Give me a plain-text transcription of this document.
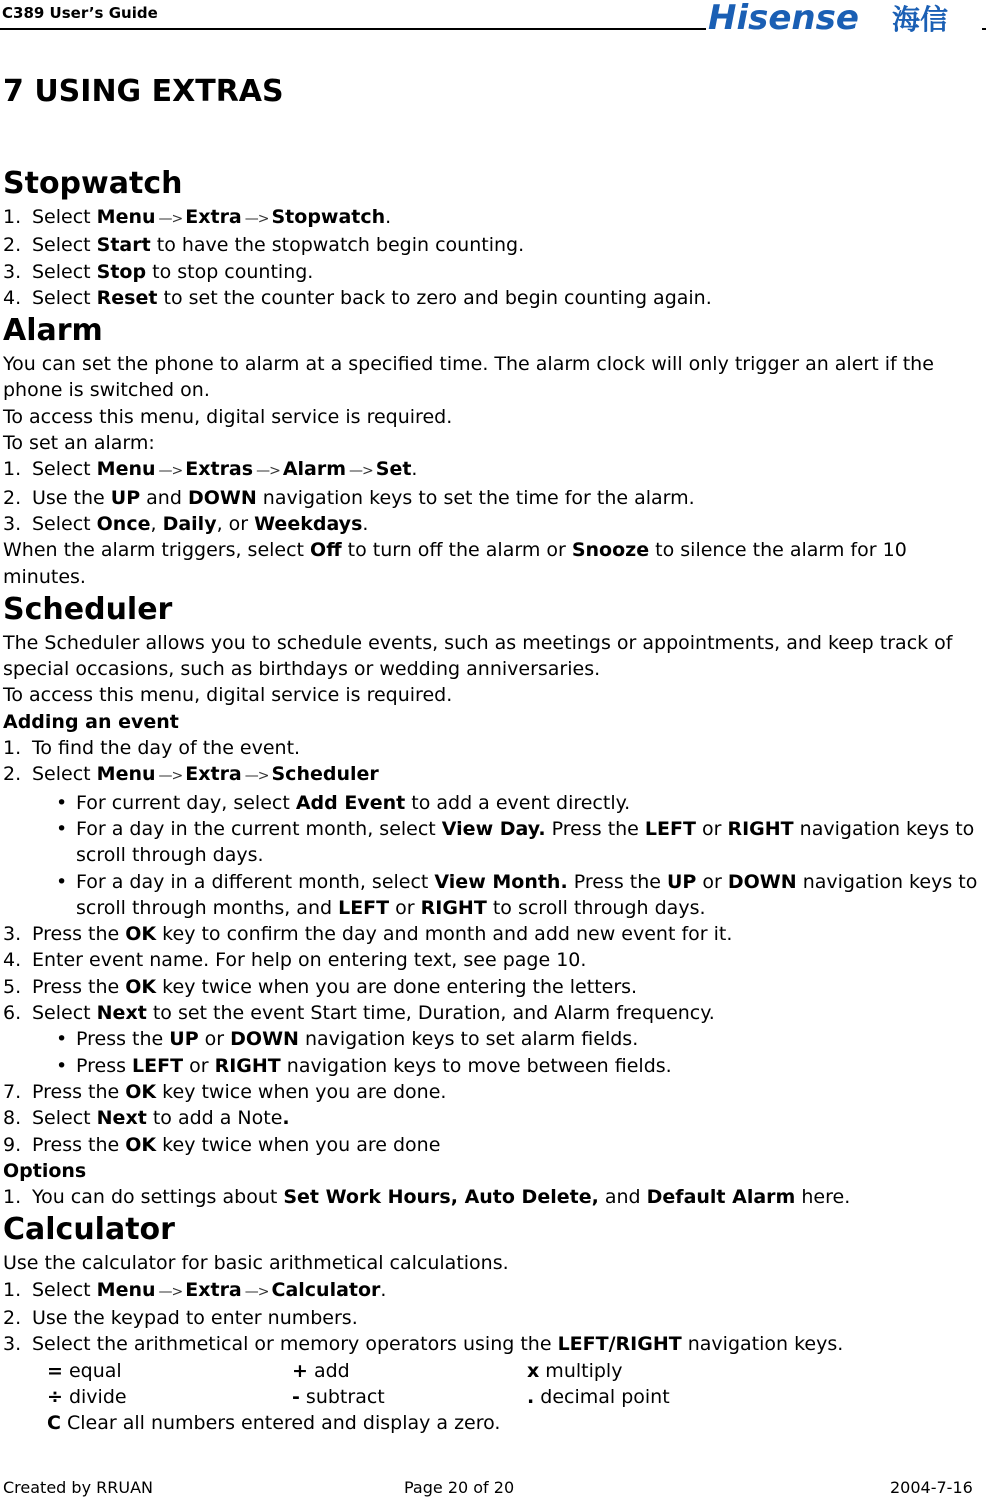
C389 User’s Guide	Hisense 海信
7 USING EXTRAS
Stopwatch
1. Select Menu —> Extra —> Stopwatch.
2. Select Start to have the stopwatch begin counting.
3. Select Stop to stop counting.
4. Select Reset to set the counter back to zero and begin counting again.
Alarm

You can set the phone to alarm at a specified time. The alarm clock will only trigger an alert if the phone is switched on.

To access this menu, digital service is required.

To set an alarm:

1. Select Menu —> Extras —> Alarm —> Set.
2. Use the UP and DOWN navigation keys to set the time for the alarm.
3. Select Once, Daily, or Weekdays.

When the alarm triggers, select Off to turn off the alarm or Snooze to silence the alarm for 10 minutes.

Scheduler

The Scheduler allows you to schedule events, such as meetings or appointments, and keep track of special occasions, such as birthdays or wedding anniversaries.

To access this menu, digital service is required.

Adding an event

1. To find the day of the event.
2. Select Menu —> Extra —> Scheduler
• For current day, select Add Event to add a event directly.
• For a day in the current month, select View Day. Press the LEFT or RIGHT navigation keys to scroll through days.
• For a day in a different month, select View Month. Press the UP or DOWN navigation keys to scroll through months, and LEFT or RIGHT to scroll through days.
3. Press the OK key to confirm the day and month and add new event for it.
4. Enter event name. For help on entering text, see page 10.
5. Press the OK key twice when you are done entering the letters.
6. Select Next to set the event Start time, Duration, and Alarm frequency.
• Press the UP or DOWN navigation keys to set alarm fields.
• Press LEFT or RIGHT navigation keys to move between fields.
7. Press the OK key twice when you are done.
8. Select Next to add a Note.
9. Press the OK key twice when you are done

Options

1. You can do settings about Set Work Hours, Auto Delete, and Default Alarm here.
Calculator

Use the calculator for basic arithmetical calculations.

1. Select Menu —> Extra —> Calculator.
2. Use the keypad to enter numbers.
3. Select the arithmetical or memory operators using the LEFT/RIGHT navigation keys.
= equal	+ add	x multiply
÷ divide	- subtract	. decimal point
C Clear all numbers entered and display a zero.
Created by RRUAN	Page 20 of 20	2004-7-16
